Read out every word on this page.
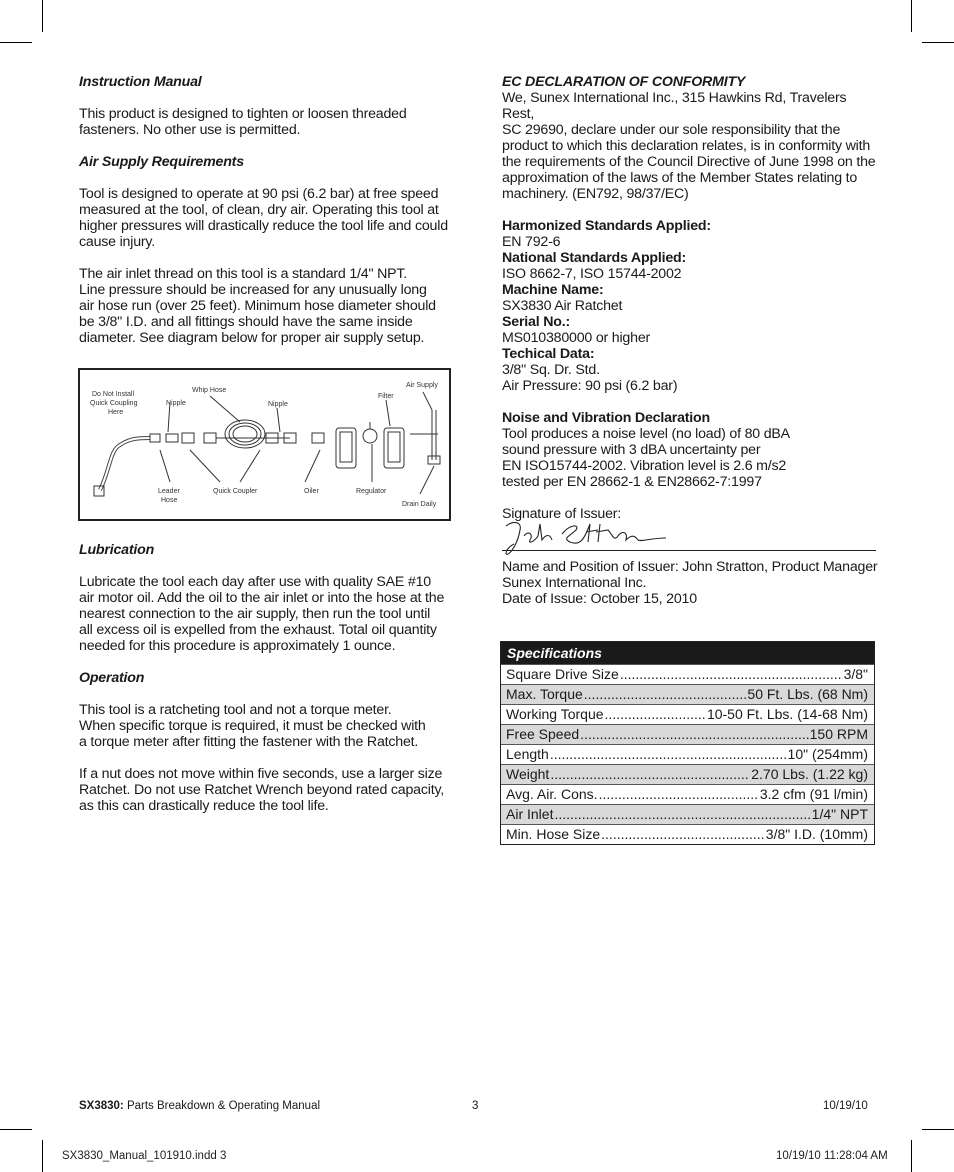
Instruction Manual
This product is designed to tighten or loosen threaded
fasteners. No other use is permitted.
Air Supply Requirements
Tool is designed to operate at 90 psi (6.2 bar) at free speed
measured at the tool, of clean, dry air. Operating this tool at
higher pressures will drastically reduce the tool life and could
cause injury.
The air inlet thread on this tool is a standard 1/4" NPT.
Line pressure should be increased for any unusually long
air hose run (over 25 feet). Minimum hose diameter should
be 3/8" I.D. and all fittings should have the same inside
diameter. See diagram below for proper air supply setup.
Do Not Install
Quick Coupling
Here
Nipple
Whip Hose
Nipple
Filter
Air Supply
Leader
Hose
Quick Coupler	Oiler	Regulator
Drain Daily
Lubrication
Lubricate the tool each day after use with quality SAE #10
air motor oil. Add the oil to the air inlet or into the hose at the
nearest connection to the air supply, then run the tool until
all excess oil is expelled from the exhaust. Total oil quantity
needed for this procedure is approximately 1 ounce.
Operation
This tool is a ratcheting tool and not a torque meter.
When specific torque is required, it must be checked with
a torque meter after fitting the fastener with the Ratchet.
If a nut does not move within five seconds, use a larger size
Ratchet. Do not use Ratchet Wrench beyond rated capacity,
as this can drastically reduce the tool life.
EC DECLARATION OF CONFORMITY
We, Sunex International Inc., 315 Hawkins Rd, Travelers Rest,
SC 29690, declare under our sole responsibility that the
product to which this declaration relates, is in conformity with
the requirements of the Council Directive of June 1998 on the
approximation of the laws of the Member States relating to
machinery. (EN792, 98/37/EC)
Harmonized Standards Applied:
EN 792-6
National Standards Applied:
ISO 8662-7, ISO 15744-2002
Machine Name:
SX3830 Air Ratchet
Serial No.:
MS010380000 or higher
Techical Data:
3/8" Sq. Dr. Std.
Air Pressure: 90 psi (6.2 bar)
Noise and Vibration Declaration
Tool produces a noise level (no load) of 80 dBA
sound pressure with 3 dBA uncertainty per
EN ISO15744-2002. Vibration level is 2.6 m/s2
tested per EN 28662-1 & EN28662-7:1997
Signature of Issuer:
Name and Position of Issuer: John Stratton, Product Manager
Sunex International Inc.
Date of Issue: October 15, 2010
Specifications
Square Drive Size .....	3/8"
Max. Torque .....	50 Ft. Lbs. (68 Nm)
Working Torque .....	10-50 Ft. Lbs. (14-68 Nm)
Free Speed .....	150 RPM
Length .....	10" (254mm)
Weight .....	2.70 Lbs. (1.22 kg)
Avg. Air. Cons. .....	3.2 cfm (91 l/min)
Air Inlet .....	1/4" NPT
Min. Hose Size .....	3/8" I.D. (10mm)
SX3830: Parts Breakdown & Operating Manual	3	10/19/10
SX3830_Manual_101910.indd 3	10/19/10 11:28:04 AM
